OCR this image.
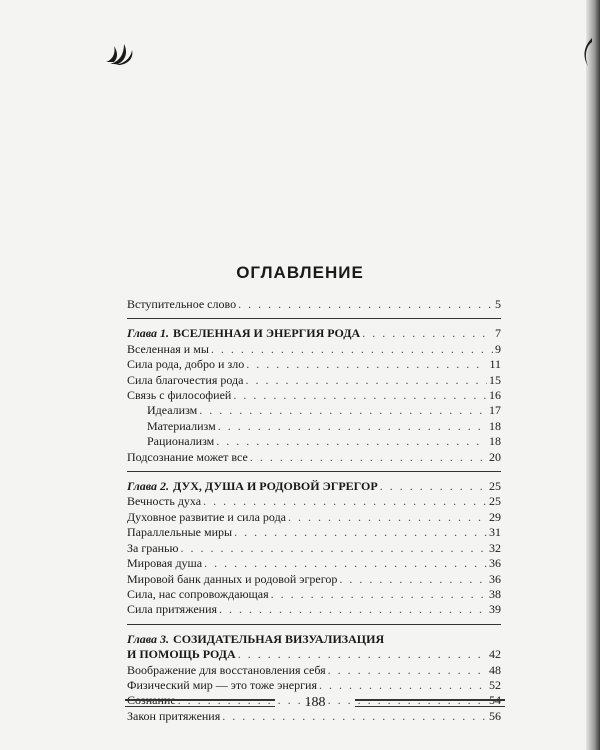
ОГЛАВЛЕНИЕ
Вступительное слово . . .	5
Глава 1. ВСЕЛЕННАЯ И ЭНЕРГИЯ РОДА . . .	7
Вселенная и мы . . .	9
Сила рода, добро и зло . . .	11
Сила благочестия рода . . .	15
Связь с философией . . .	16
Идеализм . . .	17
Материализм . . .	18
Рационализм . . .	18
Подсознание может все . . .	20
Глава 2. ДУХ, ДУША И РОДОВОЙ ЭГРЕГОР . . .	25
Вечность духа . . .	25
Духовное развитие и сила рода . . .	29
Параллельные миры . . .	31
За гранью . . .	32
Мировая душа . . .	36
Мировой банк данных и родовой эгрегор . . .	36
Сила, нас сопровождающая . . .	38
Сила притяжения . . .	39
Глава 3. СОЗИДАТЕЛЬНАЯ ВИЗУАЛИЗАЦИЯ
И ПОМОЩЬ РОДА . . .	42
Воображение для восстановления себя . . .	48
Физический мир — это тоже энергия . . .	52
Сознание . . .	54
Закон притяжения . . .	56
188
